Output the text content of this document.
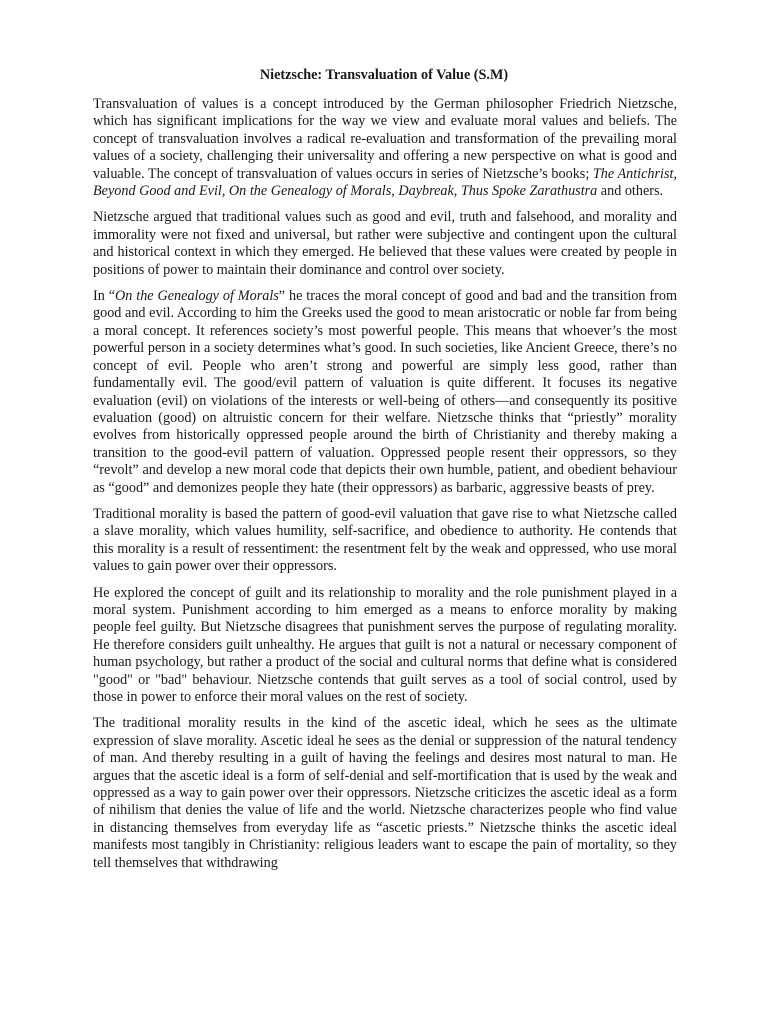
Nietzsche: Transvaluation of Value (S.M)

Transvaluation of values is a concept introduced by the German philosopher Friedrich Nietzsche, which has significant implications for the way we view and evaluate moral values and beliefs. The concept of transvaluation involves a radical re-evaluation and transformation of the prevailing moral values of a society, challenging their universality and offering a new perspective on what is good and valuable. The concept of transvaluation of values occurs in series of Nietzsche’s books; The Antichrist, Beyond Good and Evil, On the Genealogy of Morals, Daybreak, Thus Spoke Zarathustra and others.

Nietzsche argued that traditional values such as good and evil, truth and falsehood, and morality and immorality were not fixed and universal, but rather were subjective and contingent upon the cultural and historical context in which they emerged. He believed that these values were created by people in positions of power to maintain their dominance and control over society.

In “On the Genealogy of Morals” he traces the moral concept of good and bad and the transition from good and evil. According to him the Greeks used the good to mean aristocratic or noble far from being a moral concept. It references society’s most powerful people. This means that whoever’s the most powerful person in a society determines what’s good. In such societies, like Ancient Greece, there’s no concept of evil. People who aren’t strong and powerful are simply less good, rather than fundamentally evil. The good/evil pattern of valuation is quite different. It focuses its negative evaluation (evil) on violations of the interests or well-being of others—and consequently its positive evaluation (good) on altruistic concern for their welfare. Nietzsche thinks that “priestly” morality evolves from historically oppressed people around the birth of Christianity and thereby making a transition to the good-evil pattern of valuation. Oppressed people resent their oppressors, so they “revolt” and develop a new moral code that depicts their own humble, patient, and obedient behaviour as “good” and demonizes people they hate (their oppressors) as barbaric, aggressive beasts of prey.

Traditional morality is based the pattern of good-evil valuation that gave rise to what Nietzsche called a slave morality, which values humility, self-sacrifice, and obedience to authority. He contends that this morality is a result of ressentiment: the resentment felt by the weak and oppressed, who use moral values to gain power over their oppressors.

He explored the concept of guilt and its relationship to morality and the role punishment played in a moral system. Punishment according to him emerged as a means to enforce morality by making people feel guilty. But Nietzsche disagrees that punishment serves the purpose of regulating morality. He therefore considers guilt unhealthy. He argues that guilt is not a natural or necessary component of human psychology, but rather a product of the social and cultural norms that define what is considered "good" or "bad" behaviour. Nietzsche contends that guilt serves as a tool of social control, used by those in power to enforce their moral values on the rest of society.

The traditional morality results in the kind of the ascetic ideal, which he sees as the ultimate expression of slave morality. Ascetic ideal he sees as the denial or suppression of the natural tendency of man. And thereby resulting in a guilt of having the feelings and desires most natural to man. He argues that the ascetic ideal is a form of self-denial and self-mortification that is used by the weak and oppressed as a way to gain power over their oppressors. Nietzsche criticizes the ascetic ideal as a form of nihilism that denies the value of life and the world. Nietzsche characterizes people who find value in distancing themselves from everyday life as “ascetic priests.” Nietzsche thinks the ascetic ideal manifests most tangibly in Christianity: religious leaders want to escape the pain of mortality, so they tell themselves that withdrawing
